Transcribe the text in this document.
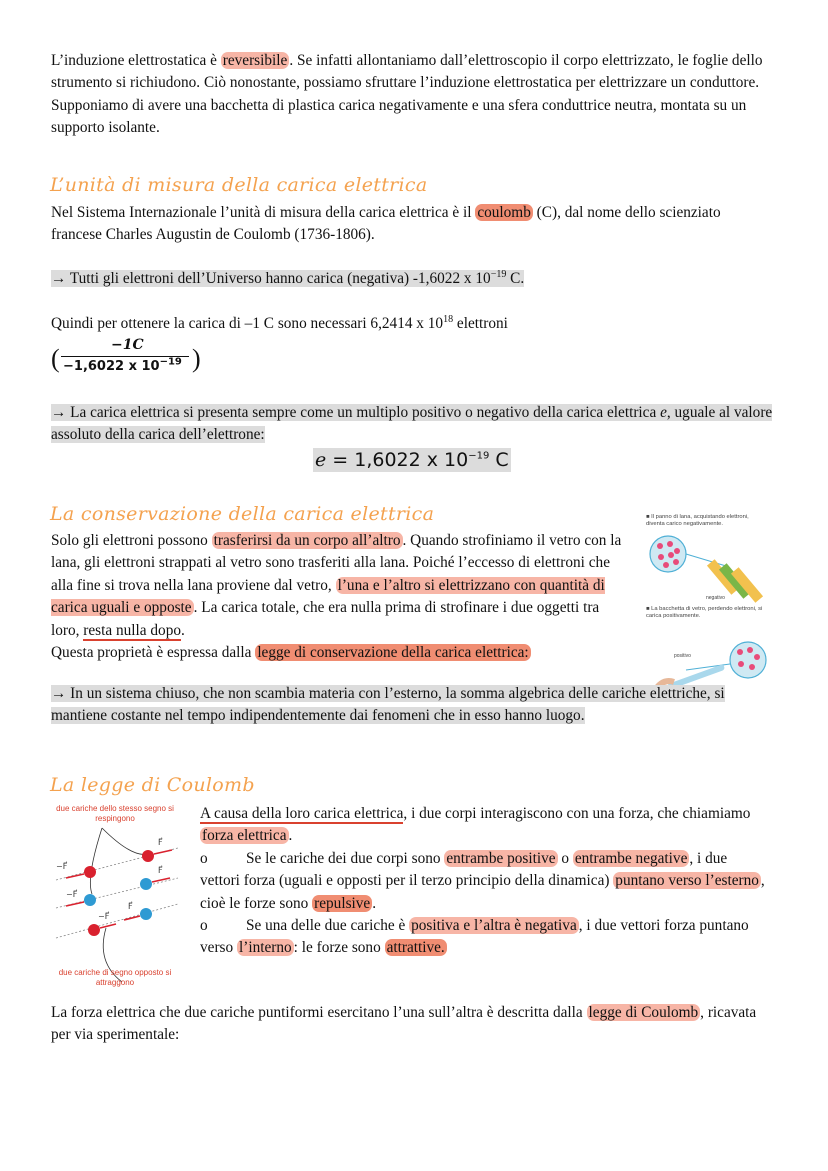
L’induzione elettrostatica è reversibile . Se infatti allontaniamo dall’elettroscopio il corpo elettrizzato, le foglie dello strumento si richiudono. Ciò nonostante, possiamo sfruttare l’induzione elettrostatica per elettrizzare un conduttore. Supponiamo di avere una bacchetta di plastica carica negativamente e una sfera conduttrice neutra, montata su un supporto isolante.
L’unità di misura della carica elettrica
Nel Sistema Internazionale l’unità di misura della carica elettrica è il coulomb (C), dal nome dello scienziato francese Charles Augustin de Coulomb (1736-1806).
→ Tutti gli elettroni dell’Universo hanno carica (negativa) -1,6022 x $10^{-19}$ C.
Quindi per ottenere la carica di –1 C sono necessari 6,2414 x $10^{18}$ elettroni
(	−1C
−1,6022 x $10^{-19}$ )
→ La carica elettrica si presenta sempre come un multiplo positivo o negativo della carica elettrica e, uguale al valore assoluto della carica dell’elettrone:
e = 1,6022 x $10^{-19}$ C
La conservazione della carica elettrica
Solo gli elettroni possono trasferirsi da un corpo all’altro . Quando strofiniamo il vetro con la lana, gli elettroni strappati al vetro sono trasferiti alla lana. Poiché l’eccesso di elettroni che alla fine si trova nella lana proviene dal vetro, l’una e l’altro si elettrizzano con quantità di carica uguali e opposte . La carica totale, che era nulla prima di strofinare i due oggetti tra loro, resta nulla dopo.
Questa proprietà è espressa dalla legge di conservazione della carica elettrica:
■ Il panno di lana, acquistando elettroni, diventa carico negativamente.
negativo
■ La bacchetta di vetro, perdendo elettroni, si carica positivamente.
positivo
→ In un sistema chiuso, che non scambia materia con l’esterno, la somma algebrica delle cariche elettriche, si mantiene costante nel tempo indipendentemente dai fenomeni che in esso hanno luogo.
La legge di Coulomb
due cariche dello stesso segno si respingono
−F⃗
F⃗
−F⃗
F⃗
−F⃗
F⃗
due cariche di segno opposto si attraggono
A causa della loro carica elettrica, i due corpi interagiscono con una forza, che chiamiamo forza elettrica .
o	Se le cariche dei due corpi sono entrambe positive o entrambe negative , i due vettori forza (uguali e opposti per il terzo principio della dinamica) puntano verso l’esterno , cioè le forze sono repulsive .
o	Se una delle due cariche è positiva e l’altra è negativa , i due vettori forza puntano verso l’interno : le forze sono attrattive.
La forza elettrica che due cariche puntiformi esercitano l’una sull’altra è descritta dalla legge di Coulomb , ricavata per via sperimentale:
